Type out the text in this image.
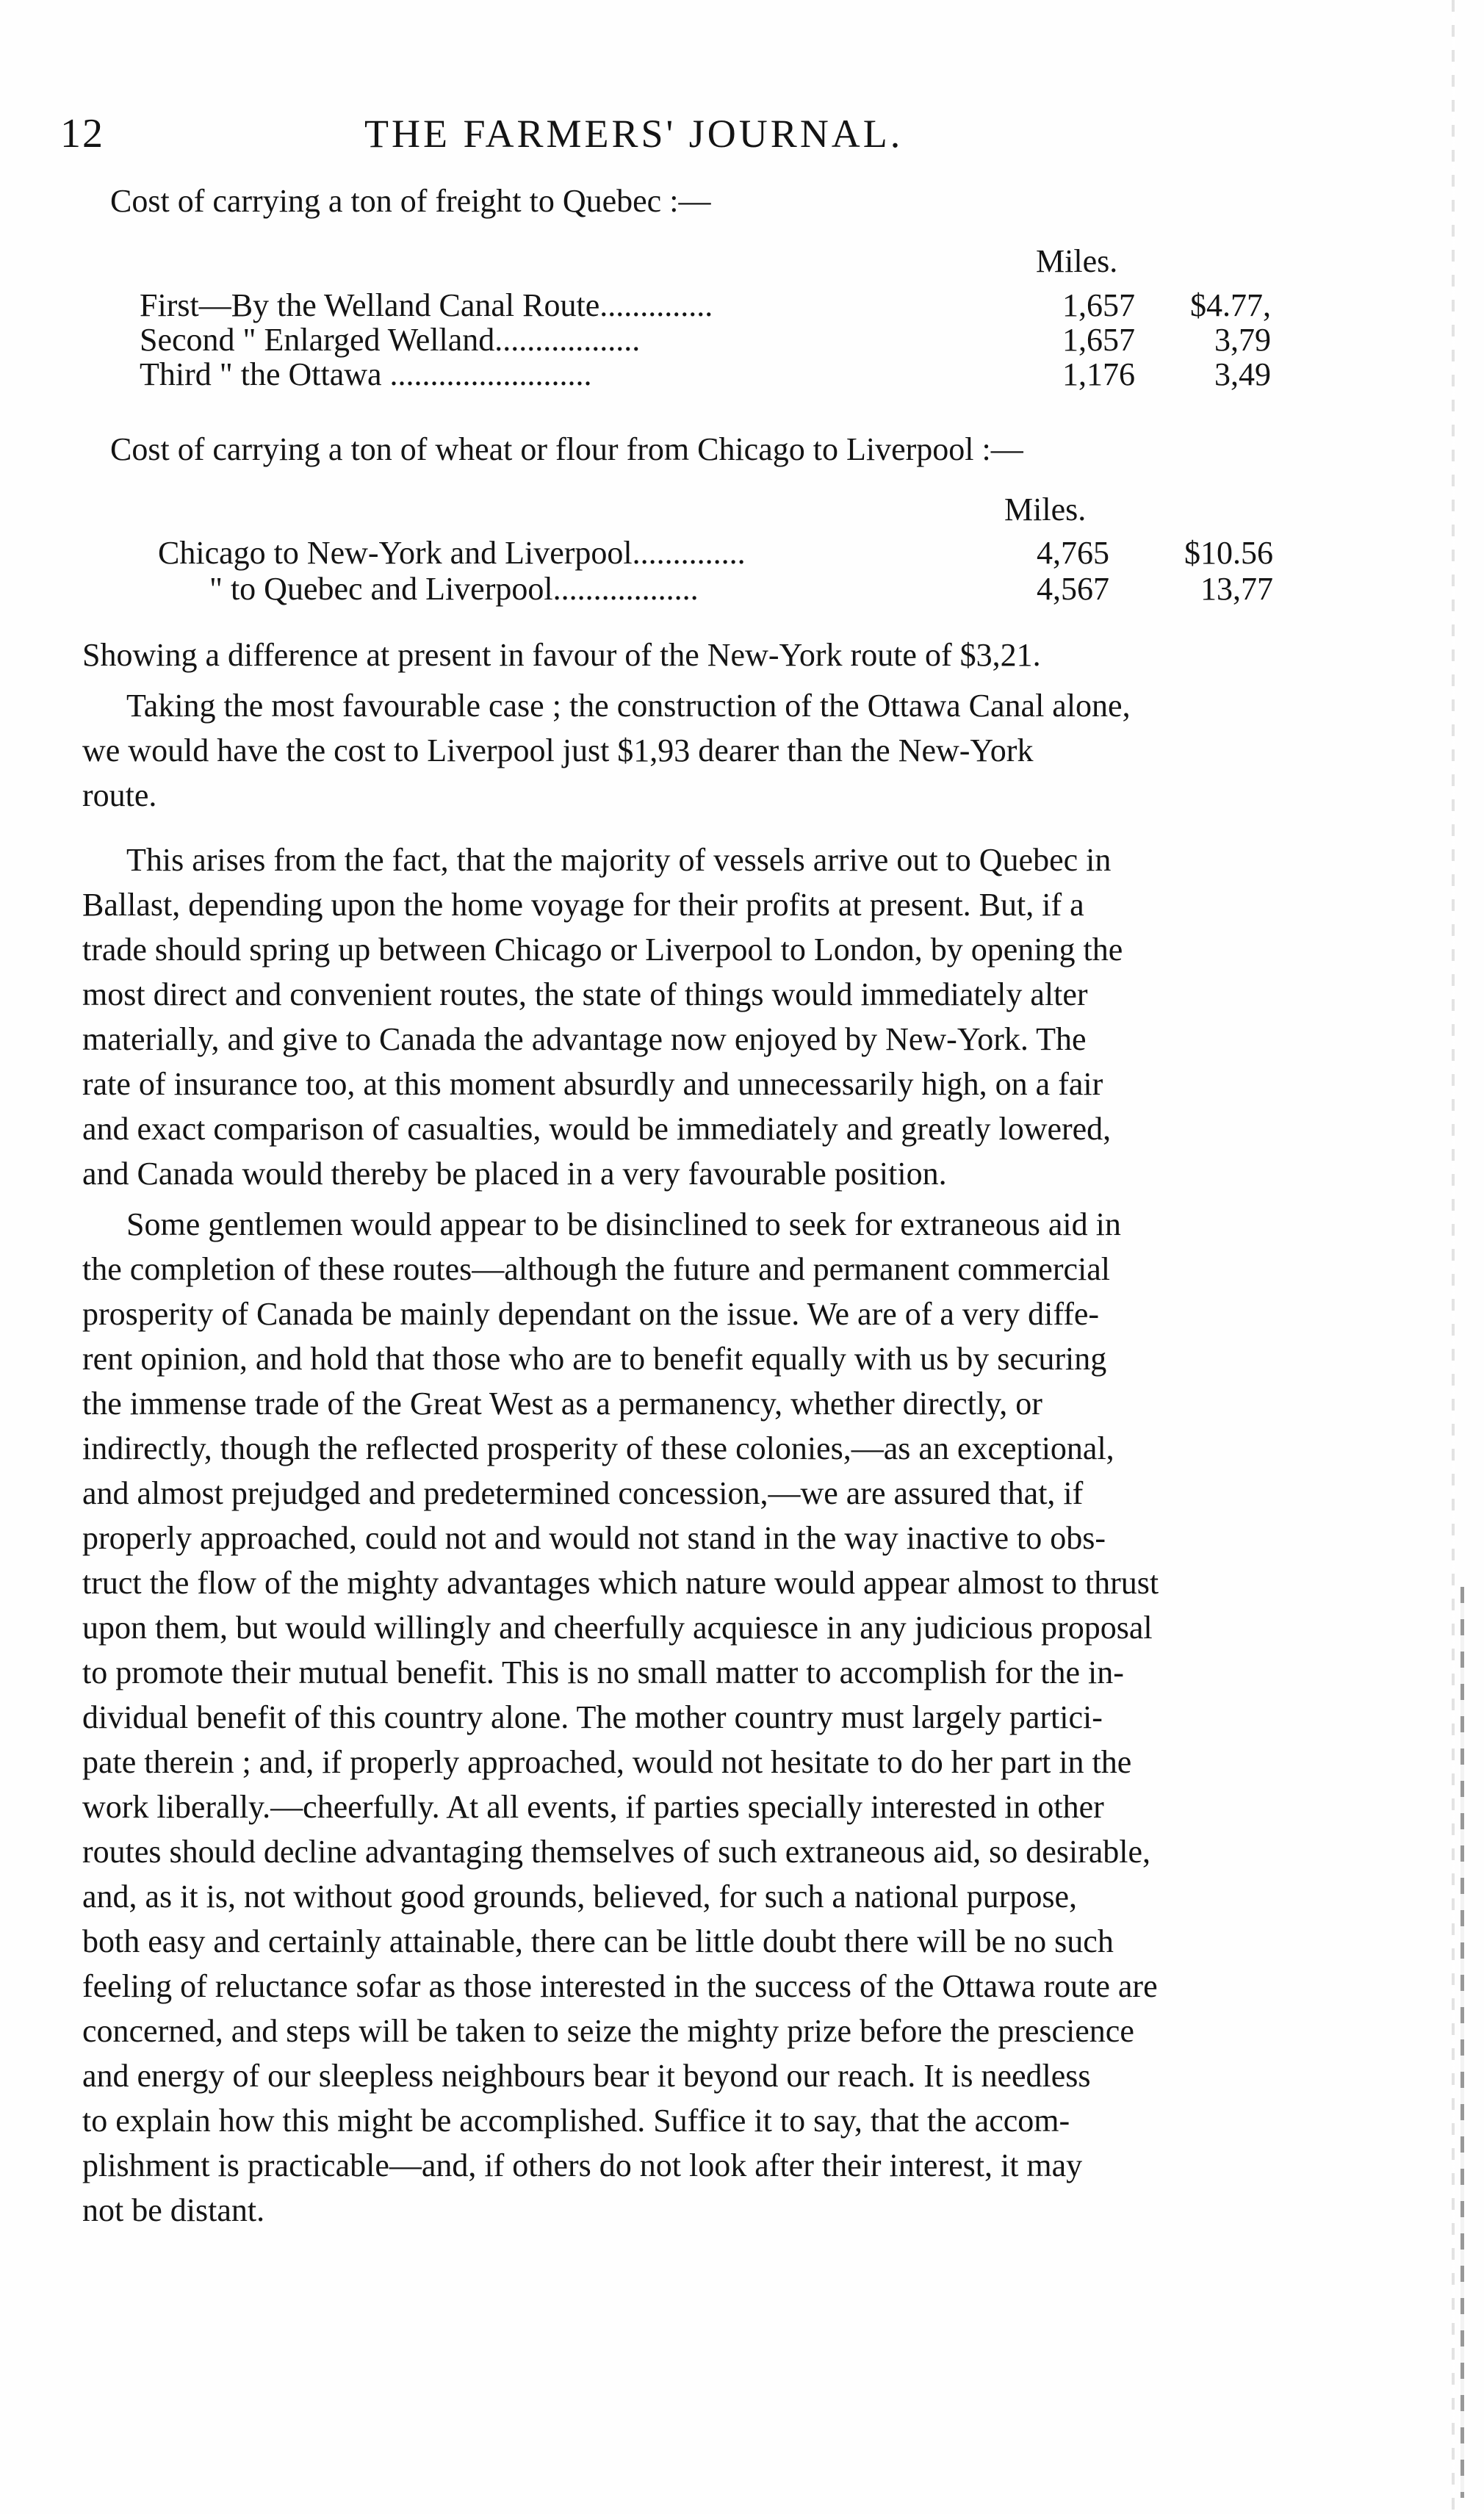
12	THE FARMERS' JOURNAL.
Cost of carrying a ton of freight to Quebec :—
Miles.
First—By the Welland Canal Route..............	1,657	$4.77,
Second " Enlarged Welland..................	1,657	3,79
Third " the Ottawa .........................	1,176	3,49
Cost of carrying a ton of wheat or flour from Chicago to Liverpool :—
Miles.
Chicago to New-York and Liverpool..............	4,765	$10.56
" to Quebec and Liverpool..................	4,567	13,77
Showing a difference at present in favour of the New-York route of $3,21.
Taking the most favourable case ; the construction of the Ottawa Canal alone,
we would have the cost to Liverpool just $1,93 dearer than the New-York
route.
This arises from the fact, that the majority of vessels arrive out to Quebec in
Ballast, depending upon the home voyage for their profits at present. But, if a
trade should spring up between Chicago or Liverpool to London, by opening the
most direct and convenient routes, the state of things would immediately alter
materially, and give to Canada the advantage now enjoyed by New-York. The
rate of insurance too, at this moment absurdly and unnecessarily high, on a fair
and exact comparison of casualties, would be immediately and greatly lowered,
and Canada would thereby be placed in a very favourable position.
Some gentlemen would appear to be disinclined to seek for extraneous aid in
the completion of these routes—although the future and permanent commercial
prosperity of Canada be mainly dependant on the issue. We are of a very diffe-
rent opinion, and hold that those who are to benefit equally with us by securing
the immense trade of the Great West as a permanency, whether directly, or
indirectly, though the reflected prosperity of these colonies,—as an exceptional,
and almost prejudged and predetermined concession,—we are assured that, if
properly approached, could not and would not stand in the way inactive to obs-
truct the flow of the mighty advantages which nature would appear almost to thrust
upon them, but would willingly and cheerfully acquiesce in any judicious proposal
to promote their mutual benefit. This is no small matter to accomplish for the in-
dividual benefit of this country alone. The mother country must largely partici-
pate therein ; and, if properly approached, would not hesitate to do her part in the
work liberally.—cheerfully. At all events, if parties specially interested in other
routes should decline advantaging themselves of such extraneous aid, so desirable,
and, as it is, not without good grounds, believed, for such a national purpose,
both easy and certainly attainable, there can be little doubt there will be no such
feeling of reluctance sofar as those interested in the success of the Ottawa route are
concerned, and steps will be taken to seize the mighty prize before the prescience
and energy of our sleepless neighbours bear it beyond our reach. It is needless
to explain how this might be accomplished. Suffice it to say, that the accom-
plishment is practicable—and, if others do not look after their interest, it may
not be distant.
